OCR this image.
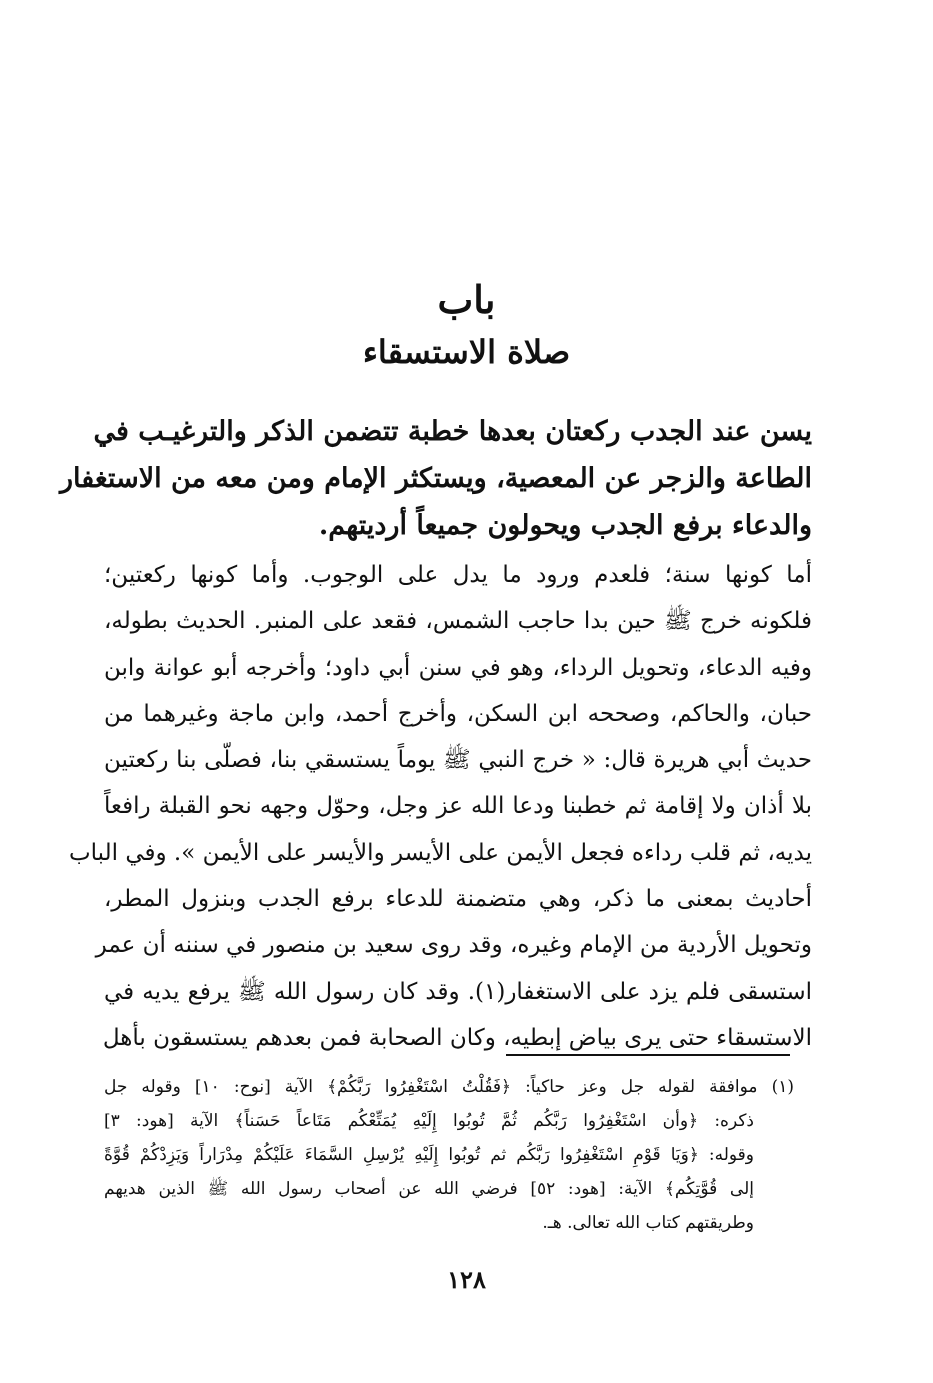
باب
صلاة الاستسقاء
يسن عند الجدب ركعتان بعدها خطبة تتضمن الذكر والترغيـب في
الطاعة والزجر عن المعصية، ويستكثر الإمام ومن معه من الاستغفار
والدعاء برفع الجدب ويحولون جميعاً أرديتهم.
أما كونها سنة؛ فلعدم ورود ما يدل على الوجوب. وأما كونها ركعتين؛
فلكونه خرج ﷺ حين بدا حاجب الشمس، فقعد على المنبر. الحديث بطوله،
وفيه الدعاء، وتحويل الرداء، وهو في سنن أبي داود؛ وأخرجه أبو عوانة وابن
حبان، والحاكم، وصححه ابن السكن، وأخرج أحمد، وابن ماجة وغيرهما من
حديث أبي هريرة قال: « خرج النبي ﷺ يوماً يستسقي بنا، فصلّى بنا ركعتين
بلا أذان ولا إقامة ثم خطبنا ودعا الله عز وجل، وحوّل وجهه نحو القبلة رافعاً
يديه، ثم قلب رداءه فجعل الأيمن على الأيسر والأيسر على الأيمن ». وفي الباب
أحاديث بمعنى ما ذكر، وهي متضمنة للدعاء برفع الجدب وبنزول المطر،
وتحويل الأردية من الإمام وغيره، وقد روى سعيد بن منصور في سننه أن عمر
استسقى فلم يزد على الاستغفار(١). وقد كان رسول الله ﷺ يرفع يديه في
الاستسقاء حتى يرى بياض إبطيه، وكان الصحابة فمن بعدهم يستسقون بأهل
(١) موافقة لقوله جل وعز حاكياً: ﴿فَقُلْتُ اسْتَغْفِرُوا رَبَّكُمْ﴾ الآية [نوح: ١٠] وقوله جل
ذكره: ﴿وأن اسْتَغْفِرُوا رَبَّكُم ثُمَّ تُوبُوا إِلَيْهِ يُمَتِّعْكُم مَتَاعاً حَسَناً﴾ الآية [هود: ٣]
وقوله: ﴿وَيَا قَوْمِ اسْتَغْفِرُوا رَبَّكُم ثم تُوبُوا إِلَيْهِ يُرْسِلِ السَّمَاءَ عَلَيْكُمْ مِدْرَاراً وَيَزِدْكُمْ قُوَّةً
إلى قُوَّتِكُم﴾ الآية: [هود: ٥٢] فرضي الله عن أصحاب رسول الله ﷺ الذين هديهم
وطريقتهم كتاب الله تعالى. هـ.
١٢٨
